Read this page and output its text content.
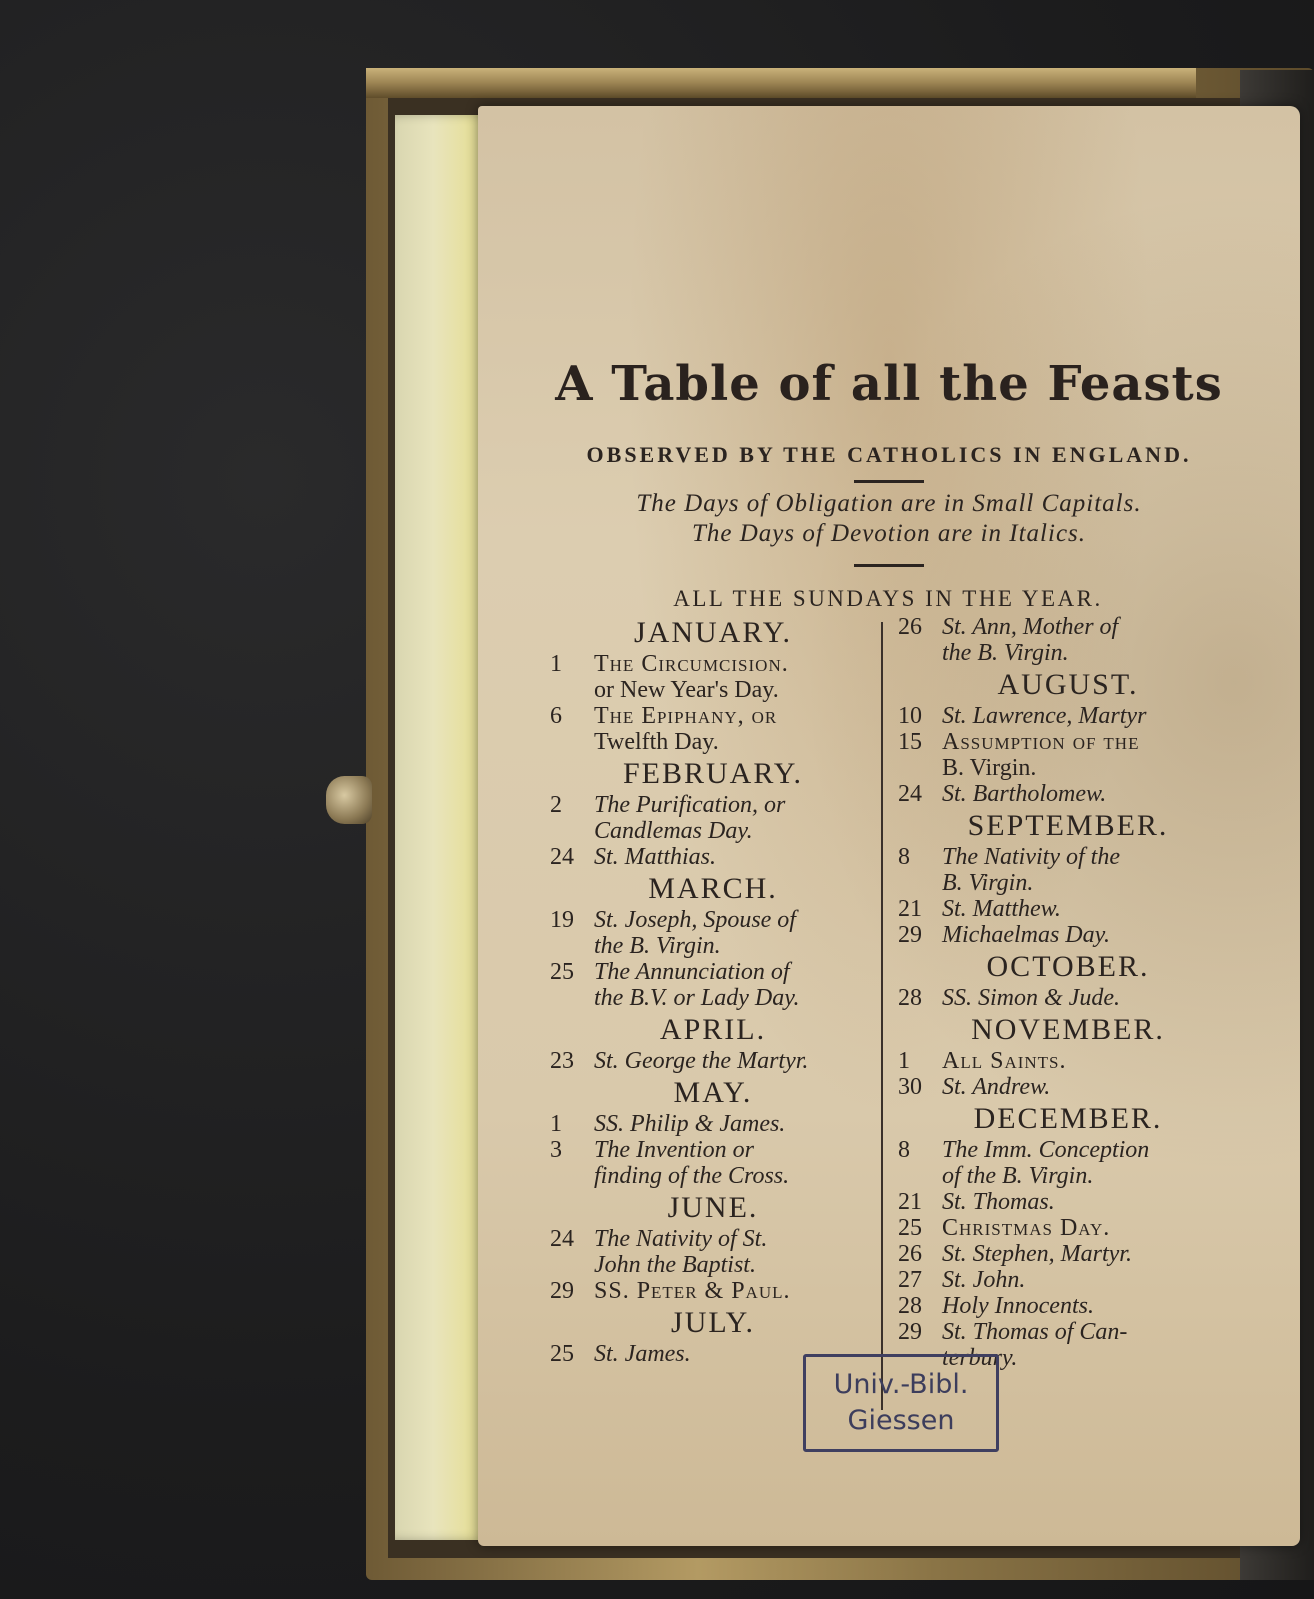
A Table of all the Feasts
OBSERVED BY THE CATHOLICS IN ENGLAND.
The Days of Obligation are in Small Capitals.
The Days of Devotion are in Italics.
ALL THE SUNDAYS IN THE YEAR.
JANUARY.
1	The Circumcision.
or New Year's Day.
6	The Epiphany, or
Twelfth Day.
FEBRUARY.
2	The Purification, or
Candlemas Day.
24 St. Matthias.
MARCH.
19 St. Joseph, Spouse of
the B. Virgin.
25 The Annunciation of
the B.V. or Lady Day.
APRIL.
23 St. George the Martyr.
MAY.
1	SS. Philip & James.
3	The Invention or
finding of the Cross.
JUNE.
24 The Nativity of St.
John the Baptist.
29 SS. Peter & Paul.
JULY.
25 St. James.
26 St. Ann, Mother of
the B. Virgin.
AUGUST.
10 St. Lawrence, Martyr
15 Assumption of the
B. Virgin.
24 St. Bartholomew.
SEPTEMBER.
8	The Nativity of the
B. Virgin.
21 St. Matthew.
29 Michaelmas Day.
OCTOBER.
28 SS. Simon & Jude.
NOVEMBER.
1	All Saints.
30 St. Andrew.
DECEMBER.
8	The Imm. Conception
of the B. Virgin.
21 St. Thomas.
25 Christmas Day.
26 St. Stephen, Martyr.
27 St. John.
28 Holy Innocents.
29 St. Thomas of Can-
terbury.
Univ.-Bibl.
Giessen
